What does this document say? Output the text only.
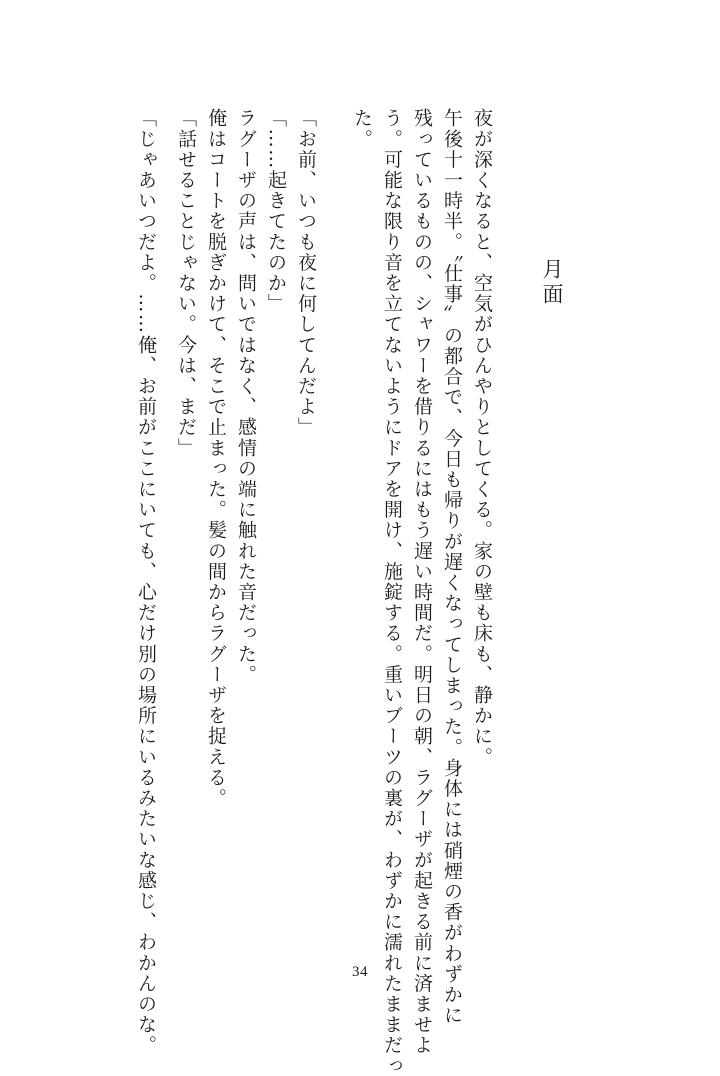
月面
夜が深くなると、空気がひんやりとしてくる。家の壁も床も、静かに。
午後十一時半。〝仕事〟の都合で、今日も帰りが遅くなってしまった。身体には硝煙の香がわずかに
残っているものの、シャワーを借りるにはもう遅い時間だ。明日の朝、ラグーザが起きる前に済ませよ
う。可能な限り音を立てないようにドアを開け、施錠する。重いブーツの裏が、わずかに濡れたままだっ
た。
「お前、いつも夜に何してんだよ」
「……起きてたのか」
ラグーザの声は、問いではなく、感情の端に触れた音だった。
俺はコートを脱ぎかけて、そこで止まった。髪の間からラグーザを捉える。
「話せることじゃない。今は、まだ」
「じゃあいつだよ。……俺、お前がここにいても、心だけ別の場所にいるみたいな感じ、わかんのな。	34
